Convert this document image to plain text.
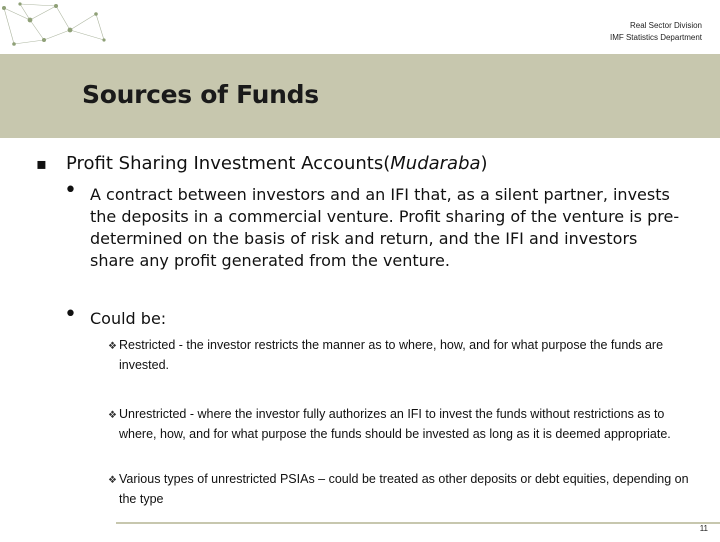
Real Sector Division
IMF Statistics Department
Sources of Funds
▪ Profit Sharing Investment Accounts(Mudaraba)
• A contract between investors and an IFI that, as a silent partner, invests the deposits in a commercial venture. Profit sharing of the venture is pre-determined on the basis of risk and return, and the IFI and investors share any profit generated from the venture.
• Could be:
❖ Restricted - the investor restricts the manner as to where, how, and for what purpose the funds are invested.
❖ Unrestricted - where the investor fully authorizes an IFI to invest the funds without restrictions as to where, how, and for what purpose the funds should be invested as long as it is deemed appropriate.
❖ Various types of unrestricted PSIAs – could be treated as other deposits or debt equities, depending on the type
11
